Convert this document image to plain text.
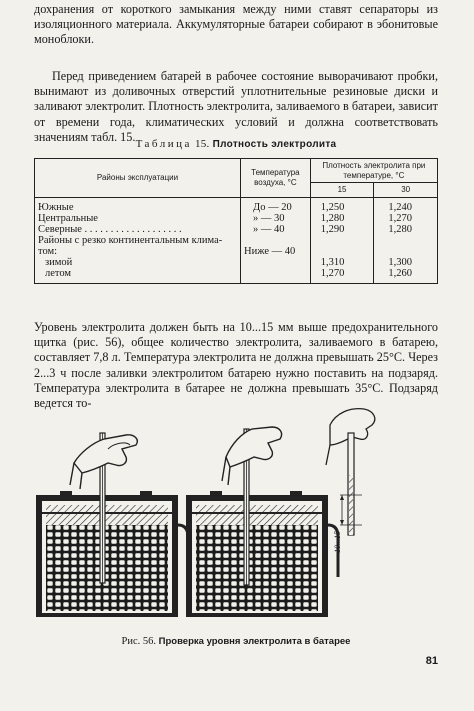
дохранения от короткого замыкания между ними ставят сепараторы из изоляционного материала. Аккумуляторные батареи собирают в эбонитовые моноблоки.

Перед приведением батарей в рабочее состояние выворачивают пробки, вынимают из доливочных отверстий уплотнительные резиновые диски и заливают электролит. Плотность электролита, заливаемого в батареи, зависит от времени года, климатических условий и должна соответствовать значениям табл. 15.

Таблица 15. Плотность электролита
Районы эксплуатации	Температура воздуха, °С	Плотность электролита при температуре, °С	
		15	30
Южные	До — 20	1,250	1,240
Центральные	» — 30	1,280	1,270
Северные . . . . . . . . . . . . . . . . . . .	» — 40	1,290	1,280
Районы с резко континентальным клима-			
том:	Ниже — 40		
зимой		1,310	1,300
летом		1,270	1,260

Уровень электролита должен быть на 10...15 мм выше предохранительного щитка (рис. 56), общее количество электролита, заливаемого в батарею, составляет 7,8 л. Температура электролита не должна превышать 25°С. Через 2...3 ч после заливки электролитом батарею нужно поставить на подзаряд. Температура электролита в батарее не должна превышать 35°С. Подзаряд ведется то-

10...15
Рис. 56. Проверка уровня электролита в батарее
81
